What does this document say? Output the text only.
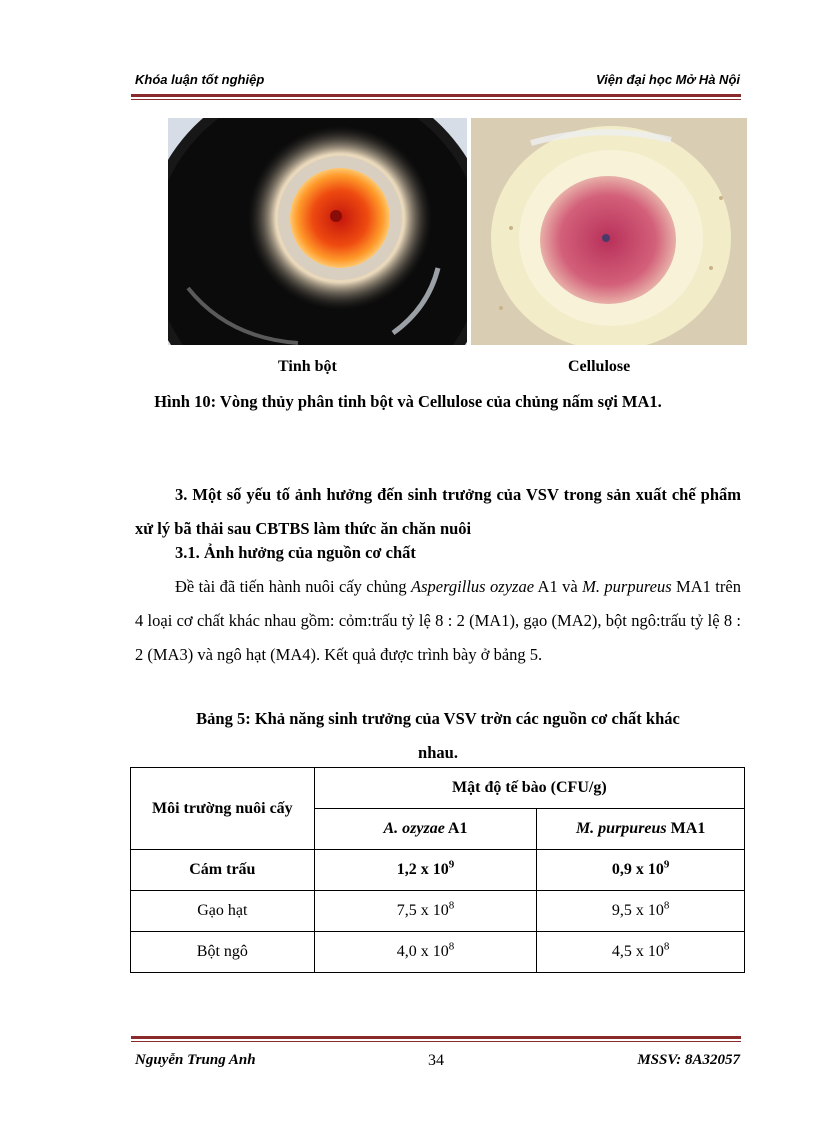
Khóa luận tốt nghiệp	Viện đại học Mở Hà Nội
Tinh bột	Cellulose
Hình 10: Vòng thủy phân tinh bột và Cellulose của chủng nấm sợi MA1.
3. Một số yếu tố ảnh hưởng đến sinh trưởng của VSV trong sản xuất chế phẩm xử lý bã thải sau CBTBS làm thức ăn chăn nuôi
3.1. Ảnh hưởng của nguồn cơ chất
Đề tài đã tiến hành nuôi cấy chủng Aspergillus ozyzae A1 và M. purpureus MA1 trên 4 loại cơ chất khác nhau gồm: cỏm:trấu tỷ lệ 8 : 2 (MA1), gạo (MA2), bột ngô:trấu tỷ lệ 8 : 2 (MA3) và ngô hạt (MA4). Kết quả được trình bày ở bảng 5.
Bảng 5: Khả năng sinh trưởng của VSV trờn các nguồn cơ chất khác
nhau.
Môi trường nuôi cấy	Mật độ tế bào (CFU/g)	
	A. ozyzae A1	M. purpureus MA1
Cám trấu	1,2 x $10^9$	0,9 x $10^9$
Gạo hạt	7,5 x $10^8$	9,5 x $10^8$
Bột ngô	4,0 x $10^8$	4,5 x $10^8$
Nguyễn Trung Anh	34	MSSV: 8A32057
